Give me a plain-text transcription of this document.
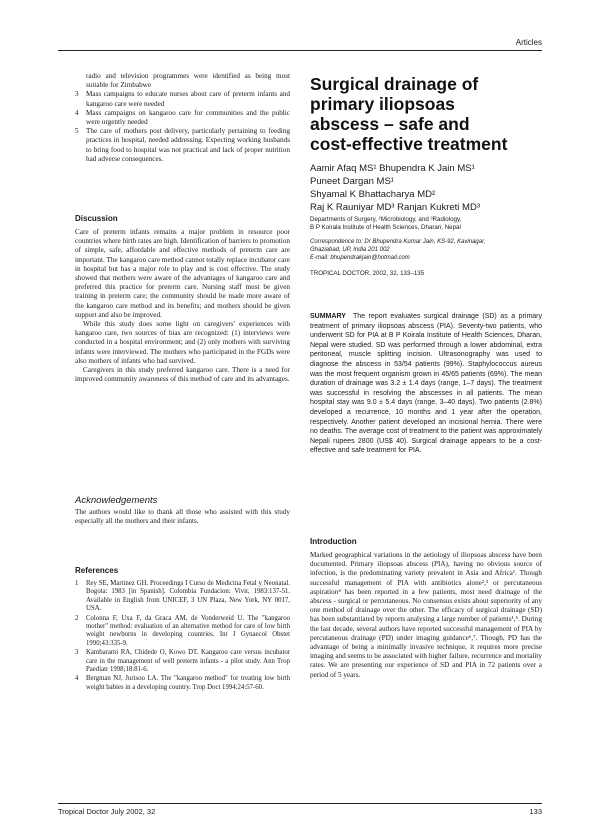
Articles
radio and television programmes were identified as being most suitable for Zimbabwe
3 Mass campaigns to educate nurses about care of preterm infants and kangaroo care were needed
4 Mass campaigns on kangaroo care for communities and the public were urgently needed
5 The care of mothers post delivery, particularly pertaining to feeding practices in hospital, needed addressing. Expecting working husbands to bring food to hospital was not practical and lack of proper nutrition had adverse consequences.
Discussion

Care of preterm infants remains a major problem in resource poor countries where birth rates are high. Identification of barriers to promotion of simple, safe, affordable and effective methods of preterm care are important. The kangaroo care method cannot totally replace incubator care in hospital but has a major role to play and is cost effective. The study showed that mothers were aware of the advantages of kangaroo care and preferred this practice for preterm care. Nursing staff must be given training in preterm care; the community should be made more aware of the kangaroo care method and its benefits; and mothers should be given support and also be improved.

While this study does some light on caregivers' experiences with kangaroo care, two sources of bias are recognized: (1) interviews were conducted in a hospital environment; and (2) only mothers with surviving infants were interviewed. The mothers who participated in the FGDs were also mothers of infants who had survived.

Caregivers in this study preferred kangaroo care. There is a need for improved community awareness of this method of care and its advantages.

Acknowledgements
The authors would like to thank all those who assisted with this study especially all the mothers and their infants.
References
1 Rey SE, Martinez GH. Proceedings I Curso de Medicina Fetal y Neonatal. Bogota: 1983 [in Spanish]. Colombia Fundacion: Vivir, 1983:137-51. Available in English from UNICEF, 3 UN Plaza, New York, NY 0017, USA.
2 Colonna F, Uxa F, da Graca AM, de Vonderweid U. The "kangaroo mother" method: evaluation of an alternative method for care of low birth weight newborns in developing countries. Int J Gynaecol Obstet 1990;43:335-9.
3 Kambarami RA, Chidede O, Kowo DT. Kangaroo care versus incubator care in the management of well preterm infants - a pilot study. Ann Trop Paediatr 1998;18:81-6.
4 Bergman NJ, Jurisoo LA. The "kangaroo method" for treating low birth weight babies in a developing country. Trop Doct 1994;24:57-60.
Surgical drainage of
primary iliopsoas
abscess – safe and
cost-effective treatment
Aamir Afaq MS¹ Bhupendra K Jain MS¹
Puneet Dargan MS¹
Shyamal K Bhattacharya MD²
Raj K Rauniyar MD³ Ranjan Kukreti MD³
Departments of Surgery, ²Microbiology, and ³Radiology,
B P Koirala Institute of Health Sciences, Dharan, Nepal
Correspondence to: Dr Bhupendra Kumar Jain, KS-92, Kavinagar,
Ghaziabad, UP, India 201 002
E-mail: bhupendrakjain@hotmail.com
TROPICAL DOCTOR, 2002, 32, 133–135
SUMMARY The report evaluates surgical drainage (SD) as a primary treatment of primary iliopsoas abscess (PIA). Seventy-two patients, who underwent SD for PIA at B P Koirala Institute of Health Sciences, Dharan, Nepal were studied. SD was performed through a lower abdominal, extra peritoneal, muscle splitting incision. Ultrasonography was used to diagnose the abscess in 53/54 patients (99%). Staphylococcus aureus was the most frequent organism grown in 45/65 patients (69%). The mean duration of drainage was 3.2 ± 1.4 days (range, 1–7 days). The treatment was successful in resolving the abscesses in all patients. The mean hospital stay was 9.0 ± 5.4 days (range, 3–40 days). Two patients (2.8%) developed a recurrence, 10 months and 1 year after the operation, respectively. Another patient developed an incisional hernia. There were no deaths. The average cost of treatment to the patient was approximately Nepali rupees 2800 (US$ 40). Surgical drainage appears to be a cost-effective and safe treatment for PIA.
Introduction
Marked geographical variations in the aetiology of iliopsoas abscess have been documented. Primary iliopsoas abscess (PIA), having no obvious source of infection, is the predominating variety prevalent in Asia and Africa¹. Though successful management of PIA with antibiotics alone²,³ or percutaneous aspiration⁴ has been reported in a few patients, most need drainage of the abscess - surgical or percutaneous. No consensus exists about superiority of any one method of drainage over the other. The efficacy of surgical drainage (SD) has been substantiated by reports analysing a large number of patients¹,⁵. During the last decade, several authors have reported successful management of PIA by percutaneous drainage (PD) under imaging guidance⁶,⁷. Though, PD has the advantage of being a minimally invasive technique, it requires more precise imaging and seems to be associated with higher failure, recurrence and mortality rates. We are presenting our experience of SD and PIA in 72 patients over a period of 5 years.
Tropical Doctor July 2002, 32	133
